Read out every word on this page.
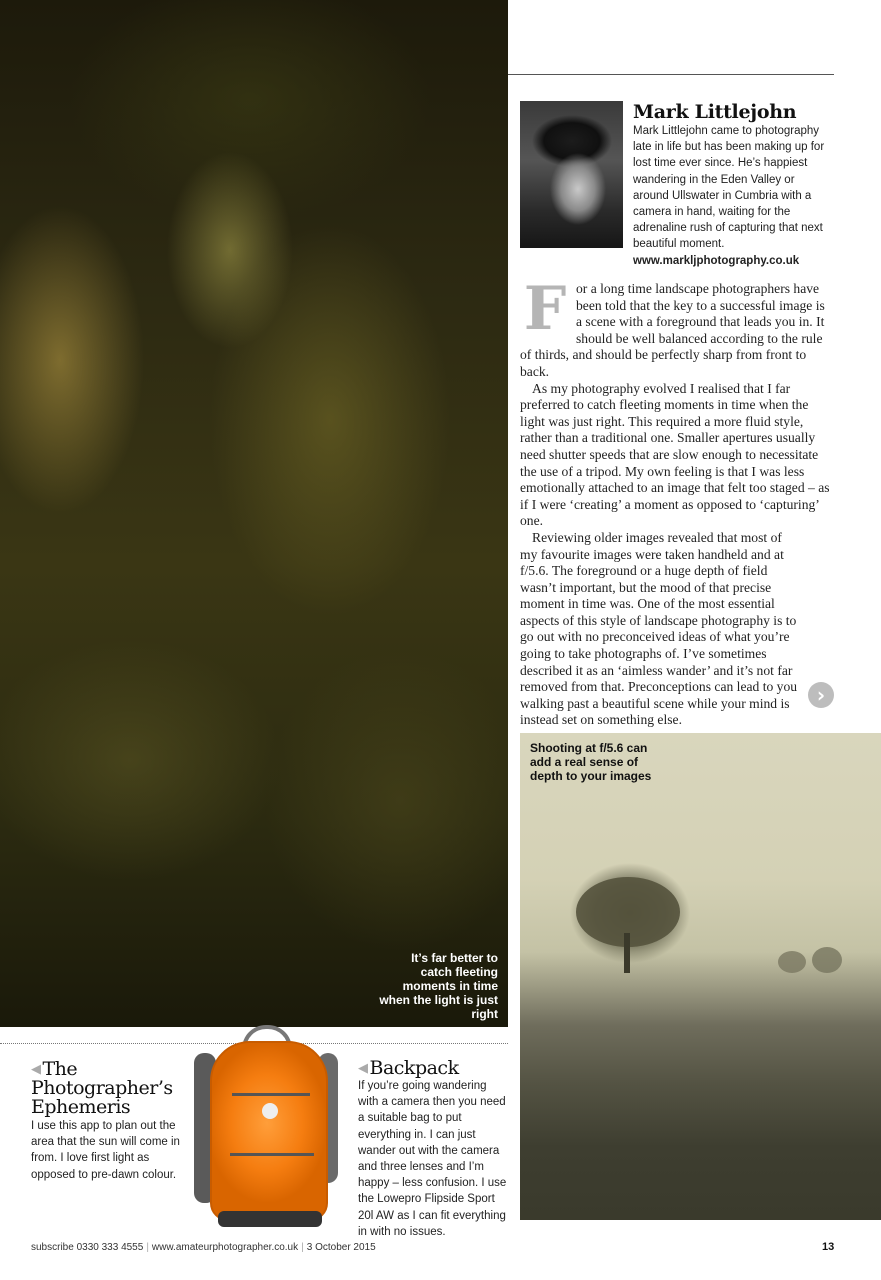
It’s far better to catch fleeting moments in time when the light is just right
Mark Littlejohn
Mark Littlejohn came to photography late in life but has been making up for lost time ever since. He’s happiest wandering in the Eden Valley or around Ullswater in Cumbria with a camera in hand, waiting for the adrenaline rush of capturing that next beautiful moment.
www.markljphotography.co.uk
F or a long time landscape photographers have been told that the key to a successful image is a scene with a foreground that leads you in. It should be well balanced according to the rule of thirds, and should be perfectly sharp from front to back.

As my photography evolved I realised that I far preferred to catch fleeting moments in time when the light was just right. This required a more fluid style, rather than a traditional one. Smaller apertures usually need shutter speeds that are slow enough to necessitate the use of a tripod. My own feeling is that I was less emotionally attached to an image that felt too staged – as if I were ‘creating’ a moment as opposed to ‘capturing’ one.

Reviewing older images revealed that most of my favourite images were taken handheld and at f/5.6. The foreground or a huge depth of field wasn’t important, but the mood of that precise moment in time was. One of the most essential aspects of this style of landscape photography is to go out with no preconceived ideas of what you’re going to take photographs of. I’ve sometimes described it as an ‘aimless wander’ and it’s not far removed from that. Preconceptions can lead to you walking past a beautiful scene while your mind is instead set on something else.

›
Shooting at f/5.6 can add a real sense of depth to your images
◀ The Photographer’s Ephemeris
I use this app to plan out the area that the sun will come in from. I love first light as opposed to pre-dawn colour.
◀ Backpack
If you’re going wandering with a camera then you need a suitable bag to put everything in. I can just wander out with the camera and three lenses and I’m happy – less confusion. I use the Lowepro Flipside Sport 20l AW as I can fit everything in with no issues.
subscribe 0330 333 4555 | www.amateurphotographer.co.uk | 3 October 2015	13
